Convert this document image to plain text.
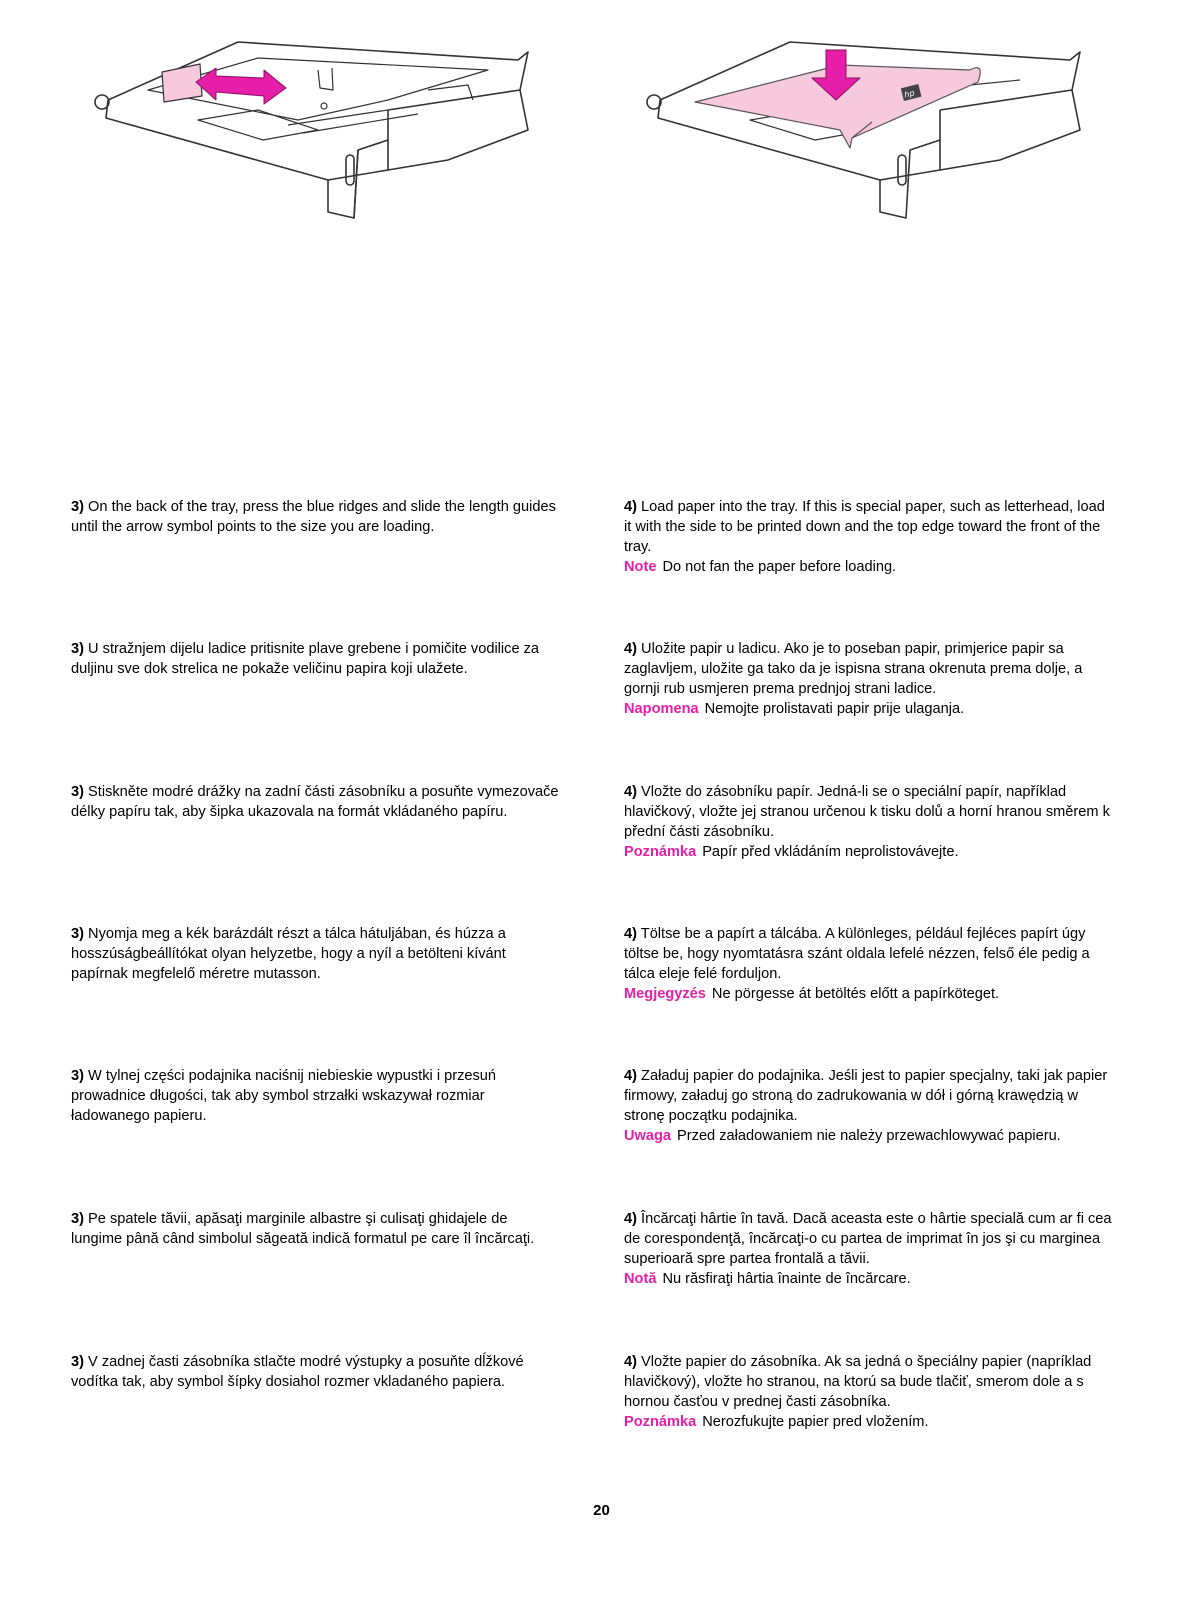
hp
3) On the back of the tray, press the blue ridges and slide the length guides until the arrow symbol points to the size you are loading.
4) Load paper into the tray. If this is special paper, such as letterhead, load it with the side to be printed down and the top edge toward the front of the tray.
Note Do not fan the paper before loading.
3) U stražnjem dijelu ladice pritisnite plave grebene i pomičite vodilice za duljinu sve dok strelica ne pokaže veličinu papira koji ulažete.
4) Uložite papir u ladicu. Ako je to poseban papir, primjerice papir sa zaglavljem, uložite ga tako da je ispisna strana okrenuta prema dolje, a gornji rub usmjeren prema prednjoj strani ladice.
Napomena Nemojte prolistavati papir prije ulaganja.
3) Stiskněte modré drážky na zadní části zásobníku a posuňte vymezovače délky papíru tak, aby šipka ukazovala na formát vkládaného papíru.
4) Vložte do zásobníku papír. Jedná-li se o speciální papír, například hlavičkový, vložte jej stranou určenou k tisku dolů a horní hranou směrem k přední části zásobníku.
Poznámka Papír před vkládáním neprolistovávejte.
3) Nyomja meg a kék barázdált részt a tálca hátuljában, és húzza a hosszúságbeállítókat olyan helyzetbe, hogy a nyíl a betölteni kívánt papírnak megfelelő méretre mutasson.
4) Töltse be a papírt a tálcába. A különleges, például fejléces papírt úgy töltse be, hogy nyomtatásra szánt oldala lefelé nézzen, felső éle pedig a tálca eleje felé forduljon.
Megjegyzés Ne pörgesse át betöltés előtt a papírköteget.
3) W tylnej części podajnika naciśnij niebieskie wypustki i przesuń prowadnice długości, tak aby symbol strzałki wskazywał rozmiar ładowanego papieru.
4) Załaduj papier do podajnika. Jeśli jest to papier specjalny, taki jak papier firmowy, załaduj go stroną do zadrukowania w dół i górną krawędzią w stronę początku podajnika.
Uwaga Przed załadowaniem nie należy przewachlowywać papieru.
3) Pe spatele tăvii, apăsaţi marginile albastre şi culisaţi ghidajele de lungime până când simbolul săgeată indică formatul pe care îl încărcaţi.
4) Încărcaţi hârtie în tavă. Dacă aceasta este o hârtie specială cum ar fi cea de corespondenţă, încărcaţi-o cu partea de imprimat în jos şi cu marginea superioară spre partea frontală a tăvii.
Notă Nu răsfiraţi hârtia înainte de încărcare.
3) V zadnej časti zásobníka stlačte modré výstupky a posuňte dĺžkové vodítka tak, aby symbol šípky dosiahol rozmer vkladaného papiera.
4) Vložte papier do zásobníka. Ak sa jedná o špeciálny papier (napríklad hlavičkový), vložte ho stranou, na ktorú sa bude tlačiť, smerom dole a s hornou časťou v prednej časti zásobníka.
Poznámka Nerozfukujte papier pred vložením.
20
